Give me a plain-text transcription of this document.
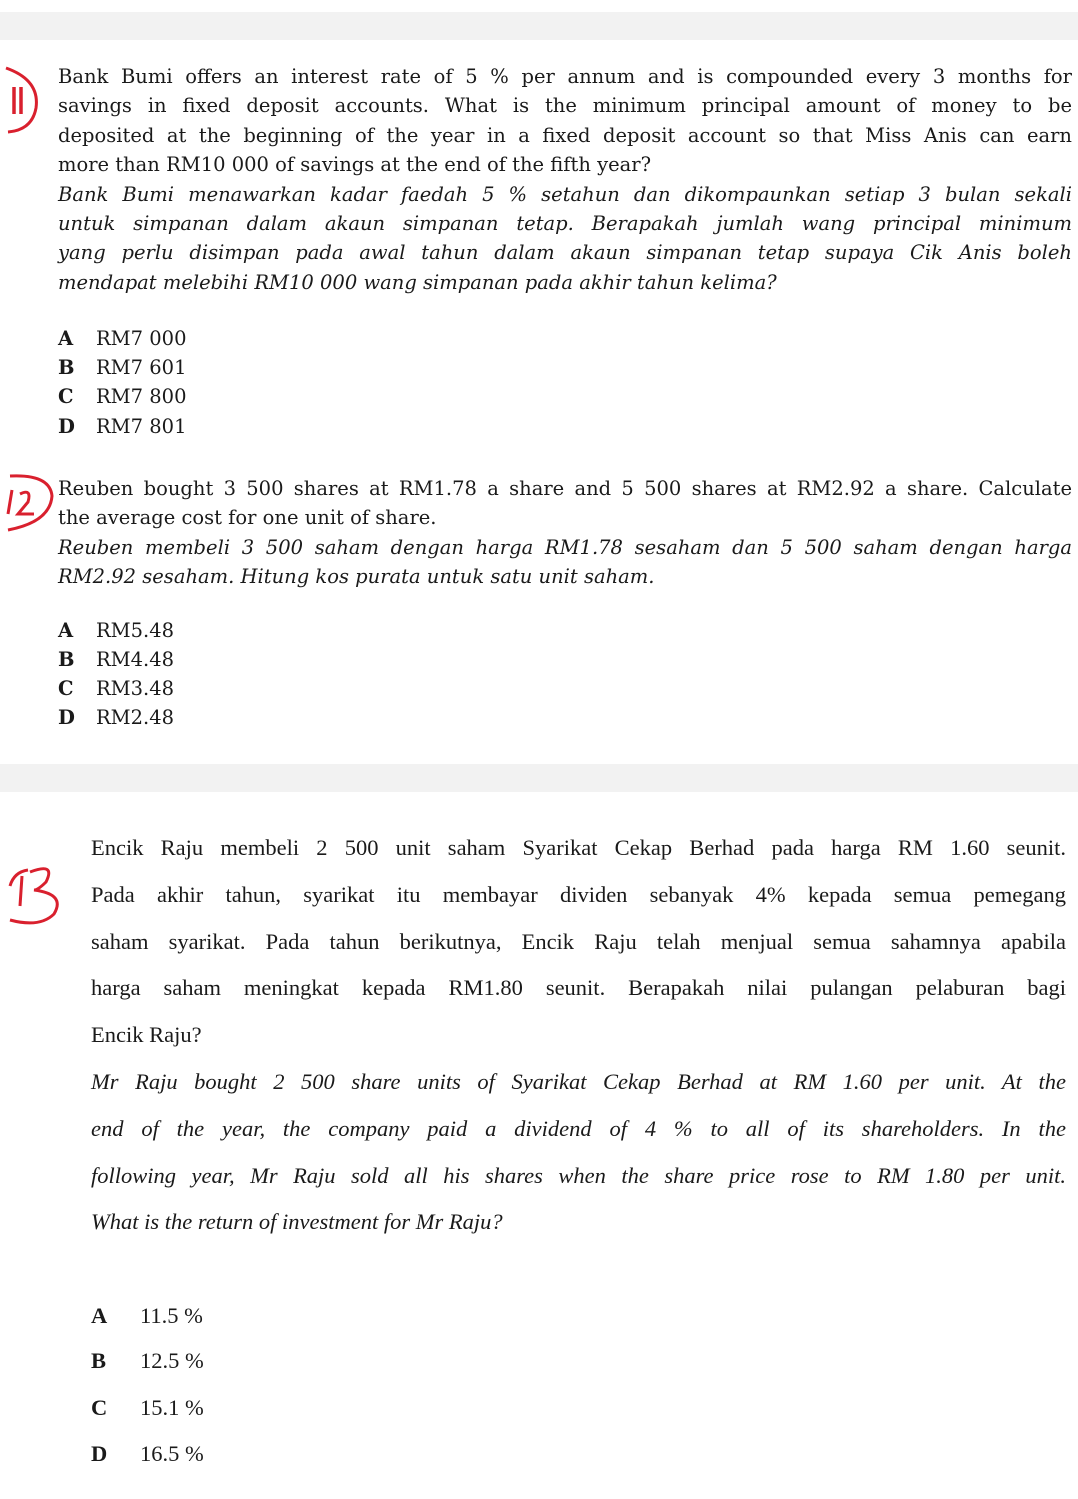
Bank Bumi offers an interest rate of 5 % per annum and is compounded every 3 months for
savings in fixed deposit accounts. What is the minimum principal amount of money to be
deposited at the beginning of the year in a fixed deposit account so that Miss Anis can earn
more than RM10 000 of savings at the end of the fifth year?
Bank Bumi menawarkan kadar faedah 5 % setahun dan dikompaunkan setiap 3 bulan sekali
untuk simpanan dalam akaun simpanan tetap. Berapakah jumlah wang principal minimum
yang perlu disimpan pada awal tahun dalam akaun simpanan tetap supaya Cik Anis boleh
mendapat melebihi RM10 000 wang simpanan pada akhir tahun kelima?
A	RM7 000
B	RM7 601
C	RM7 800
D	RM7 801
Reuben bought 3 500 shares at RM1.78 a share and 5 500 shares at RM2.92 a share. Calculate
the average cost for one unit of share.
Reuben membeli 3 500 saham dengan harga RM1.78 sesaham dan 5 500 saham dengan harga
RM2.92 sesaham. Hitung kos purata untuk satu unit saham.
A	RM5.48
B	RM4.48
C	RM3.48
D	RM2.48
Encik Raju membeli 2 500 unit saham Syarikat Cekap Berhad pada harga RM 1.60 seunit.
Pada akhir tahun, syarikat itu membayar dividen sebanyak 4% kepada semua pemegang
saham syarikat. Pada tahun berikutnya, Encik Raju telah menjual semua sahamnya apabila
harga saham meningkat kepada RM1.80 seunit. Berapakah nilai pulangan pelaburan bagi
Encik Raju?
Mr Raju bought 2 500 share units of Syarikat Cekap Berhad at RM 1.60 per unit. At the
end of the year, the company paid a dividend of 4 % to all of its shareholders. In the
following year, Mr Raju sold all his shares when the share price rose to RM 1.80 per unit.
What is the return of investment for Mr Raju?
A	11.5 %
B	12.5 %
C	15.1 %
D	16.5 %
